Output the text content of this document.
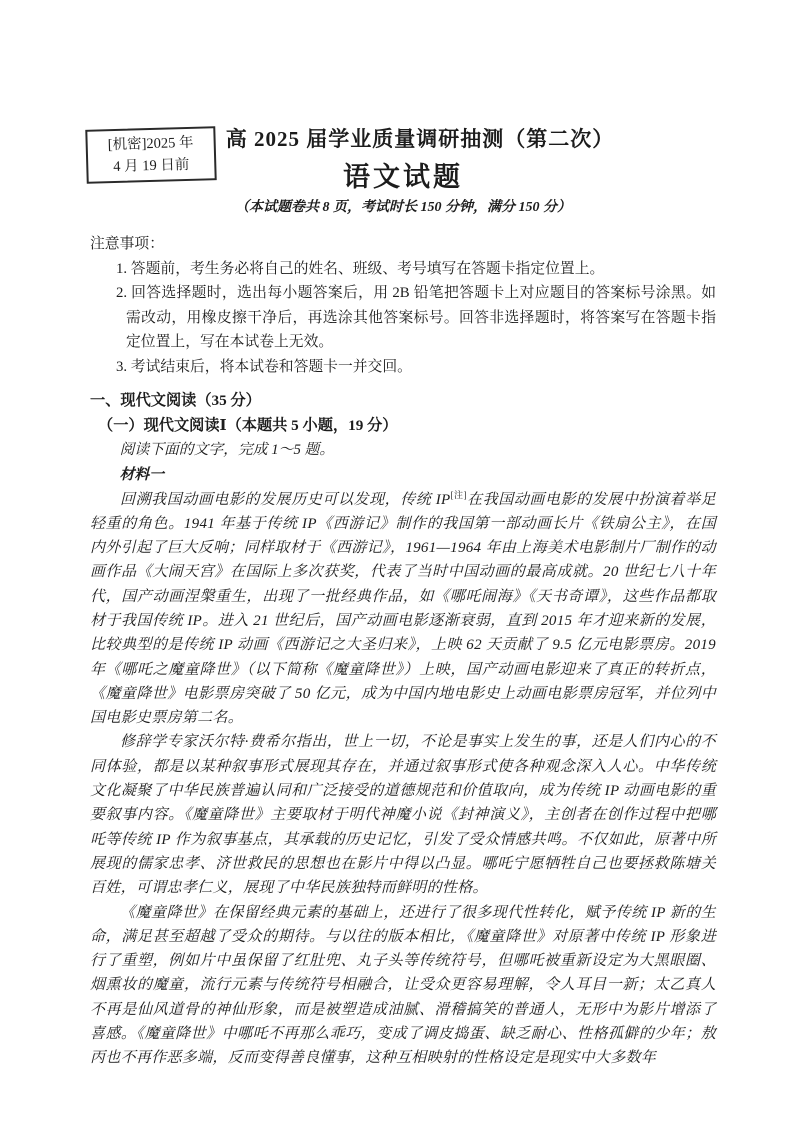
[机密]2025 年
4 月 19 日前
高 2025 届学业质量调研抽测（第二次）
语文试题
（本试题卷共 8 页，考试时长 150 分钟，满分 150 分）

注意事项：

1. 答题前，考生务必将自己的姓名、班级、考号填写在答题卡指定位置上。

2. 回答选择题时，选出每小题答案后，用 2B 铅笔把答题卡上对应题目的答案标号涂黑。如需改动，用橡皮擦干净后，再选涂其他答案标号。回答非选择题时，将答案写在答题卡指定位置上，写在本试卷上无效。

3. 考试结束后，将本试卷和答题卡一并交回。

一、现代文阅读（35 分）

（一）现代文阅读Ⅰ（本题共 5 小题，19 分）

阅读下面的文字，完成 1～5 题。

材料一

回溯我国动画电影的发展历史可以发现，传统 IP[注]在我国动画电影的发展中扮演着举足轻重的角色。1941 年基于传统 IP《西游记》制作的我国第一部动画长片《铁扇公主》，在国内外引起了巨大反响；同样取材于《西游记》，1961—1964 年由上海美术电影制片厂制作的动画作品《大闹天宫》在国际上多次获奖，代表了当时中国动画的最高成就。20 世纪七八十年代，国产动画涅槃重生，出现了一批经典作品，如《哪吒闹海》《天书奇谭》，这些作品都取材于我国传统 IP。进入 21 世纪后，国产动画电影逐渐衰弱，直到 2015 年才迎来新的发展，比较典型的是传统 IP 动画《西游记之大圣归来》，上映 62 天贡献了 9.5 亿元电影票房。2019 年《哪吒之魔童降世》（以下简称《魔童降世》）上映，国产动画电影迎来了真正的转折点，《魔童降世》电影票房突破了 50 亿元，成为中国内地电影史上动画电影票房冠军，并位列中国电影史票房第二名。

修辞学专家沃尔特·费希尔指出，世上一切，不论是事实上发生的事，还是人们内心的不同体验，都是以某种叙事形式展现其存在，并通过叙事形式使各种观念深入人心。中华传统文化凝聚了中华民族普遍认同和广泛接受的道德规范和价值取向，成为传统 IP 动画电影的重要叙事内容。《魔童降世》主要取材于明代神魔小说《封神演义》，主创者在创作过程中把哪吒等传统 IP 作为叙事基点，其承载的历史记忆，引发了受众情感共鸣。不仅如此，原著中所展现的儒家忠孝、济世救民的思想也在影片中得以凸显。哪吒宁愿牺牲自己也要拯救陈塘关百姓，可谓忠孝仁义，展现了中华民族独特而鲜明的性格。

《魔童降世》在保留经典元素的基础上，还进行了很多现代性转化，赋予传统 IP 新的生命，满足甚至超越了受众的期待。与以往的版本相比，《魔童降世》对原著中传统 IP 形象进行了重塑，例如片中虽保留了红肚兜、丸子头等传统符号，但哪吒被重新设定为大黑眼圈、烟熏妆的魔童，流行元素与传统符号相融合，让受众更容易理解，令人耳目一新；太乙真人不再是仙风道骨的神仙形象，而是被塑造成油腻、滑稽搞笑的普通人，无形中为影片增添了喜感。《魔童降世》中哪吒不再那么乖巧，变成了调皮捣蛋、缺乏耐心、性格孤僻的少年；敖丙也不再作恶多端，反而变得善良懂事，这种互相映射的性格设定是现实中大多数年
